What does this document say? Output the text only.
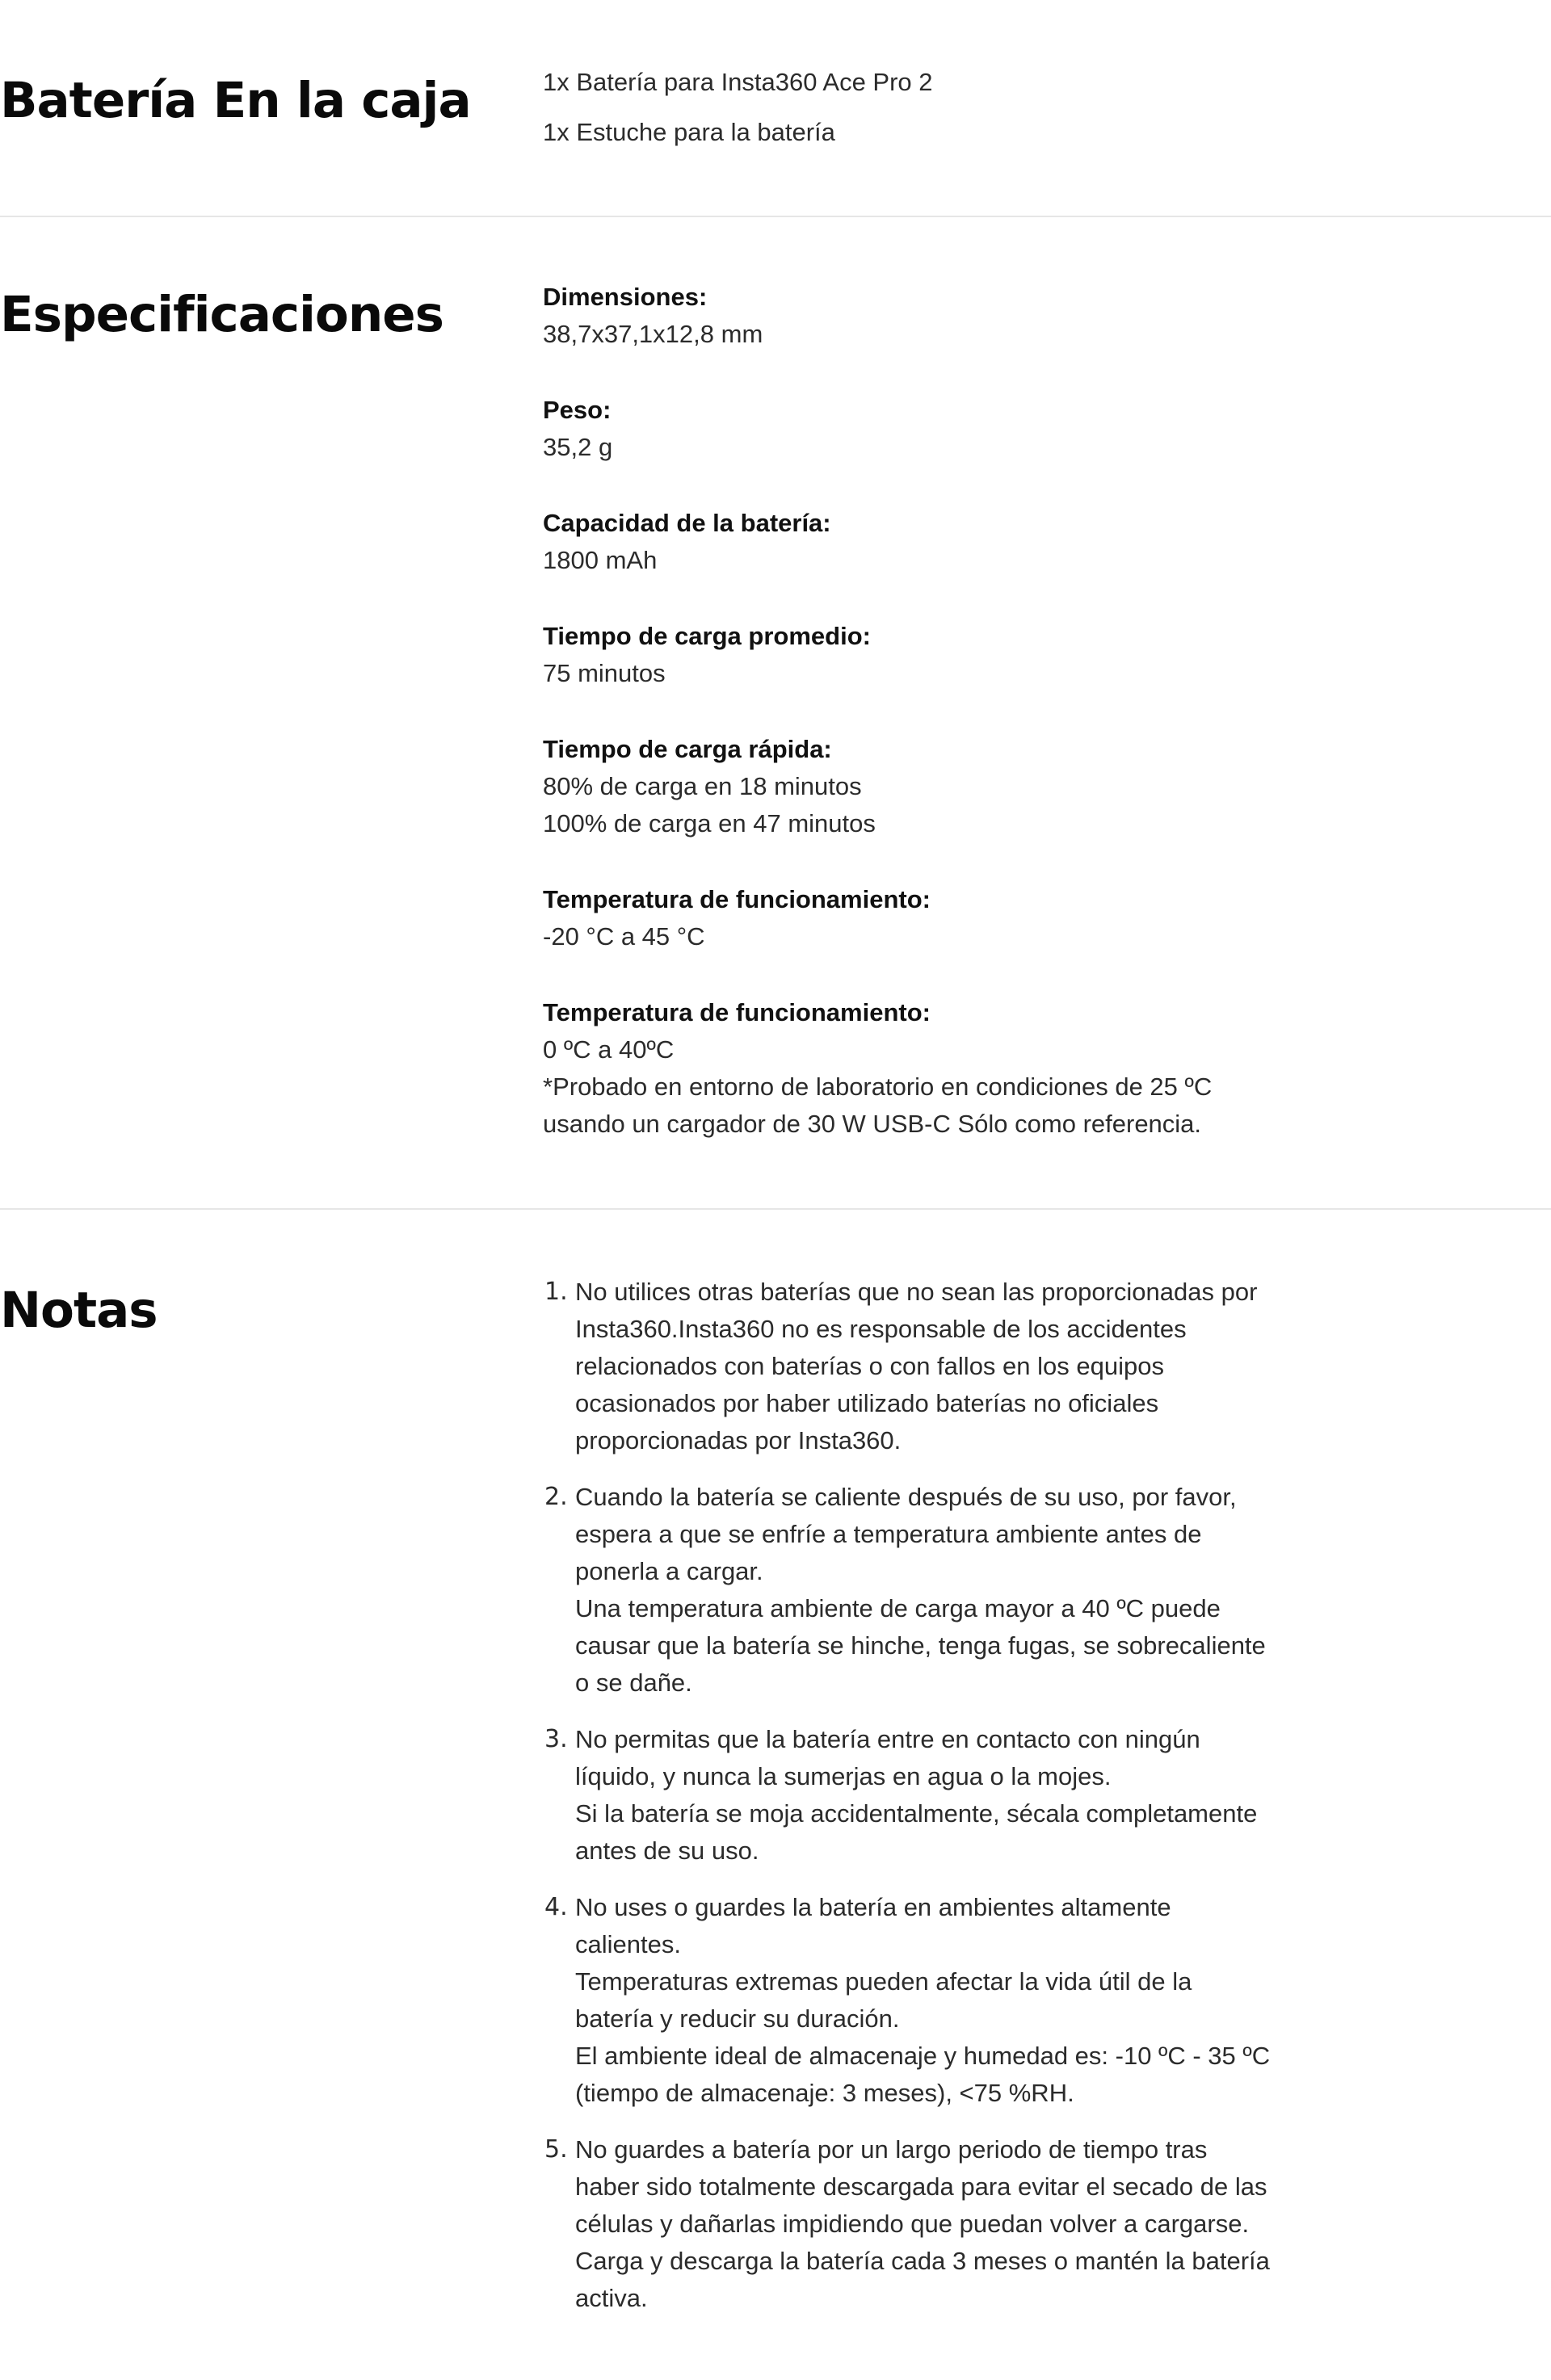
Batería En la caja	1x Batería para Insta360 Ace Pro 2
1x Estuche para la batería
Especificaciones	Dimensiones:
38,7x37,1x12,8 mm
Peso:
35,2 g
Capacidad de la batería:
1800 mAh
Tiempo de carga promedio:
75 minutos
Tiempo de carga rápida:
80% de carga en 18 minutos
100% de carga en 47 minutos
Temperatura de funcionamiento:
-20 °C a 45 °C
Temperatura de funcionamiento:
0 ºC a 40ºC
*Probado en entorno de laboratorio en condiciones de 25 ºC
usando un cargador de 30 W USB-C Sólo como referencia.
Notas	1. No utilices otras baterías que no sean las proporcionadas por
Insta360.Insta360 no es responsable de los accidentes
relacionados con baterías o con fallos en los equipos
ocasionados por haber utilizado baterías no oficiales
proporcionadas por Insta360.
2. Cuando la batería se caliente después de su uso, por favor,
espera a que se enfríe a temperatura ambiente antes de
ponerla a cargar.
Una temperatura ambiente de carga mayor a 40 ºC puede
causar que la batería se hinche, tenga fugas, se sobrecaliente
o se dañe.
3. No permitas que la batería entre en contacto con ningún
líquido, y nunca la sumerjas en agua o la mojes.
Si la batería se moja accidentalmente, sécala completamente
antes de su uso.
4. No uses o guardes la batería en ambientes altamente
calientes.
Temperaturas extremas pueden afectar la vida útil de la
batería y reducir su duración.
El ambiente ideal de almacenaje y humedad es: -10 ºC - 35 ºC
(tiempo de almacenaje: 3 meses), <75 %RH.
5. No guardes a batería por un largo periodo de tiempo tras
haber sido totalmente descargada para evitar el secado de las
células y dañarlas impidiendo que puedan volver a cargarse.
Carga y descarga la batería cada 3 meses o mantén la batería
activa.
